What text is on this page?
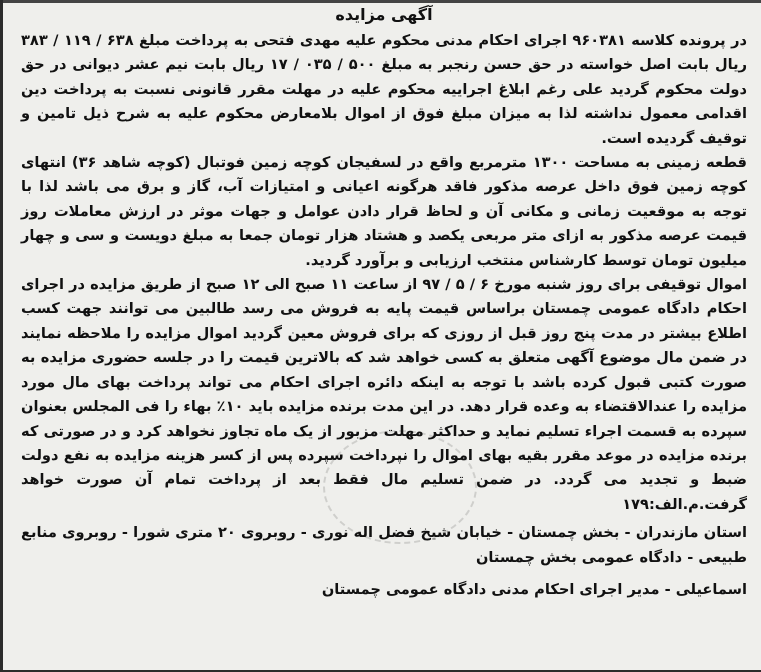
آگهی مزایده

در پرونده کلاسه ۹۶۰۳۸۱ اجرای احکام مدنی محکوم علیه مهدی فتحی به پرداخت مبلغ ۶۳۸ / ۱۱۹ / ۳۸۳ ریال بابت اصل خواسته در حق حسن رنجبر به مبلغ ۵۰۰ / ۰۳۵ / ۱۷ ریال بابت نیم عشر دیوانی در حق دولت محکوم گردید علی رغم ابلاغ اجراییه محکوم علیه در مهلت مقرر قانونی نسبت به پرداخت دین اقدامی معمول نداشته لذا به میزان مبلغ فوق از اموال بلامعارض محکوم علیه به شرح ذیل تامین و توقیف گردیده است.

قطعه زمینی به مساحت ۱۳۰۰ مترمربع واقع در لسفیجان کوچه زمین فوتبال (کوچه شاهد ۳۶) انتهای کوچه زمین فوق داخل عرصه مذکور فاقد هرگونه اعیانی و امتیازات آب، گاز و برق می باشد لذا با توجه به موقعیت زمانی و مکانی آن و لحاظ قرار دادن عوامل و جهات موثر در ارزش معاملات روز قیمت عرصه مذکور به ازای متر مربعی یکصد و هشتاد هزار تومان جمعا به مبلغ دویست و سی و چهار میلیون تومان توسط کارشناس منتخب ارزیابی و برآورد گردید.

اموال توقیفی برای روز شنبه مورخ ۶ / ۵ / ۹۷ از ساعت ۱۱ صبح الی ۱۲ صبح از طریق مزایده در اجرای احکام دادگاه عمومی چمستان براساس قیمت پایه به فروش می رسد طالبین می توانند جهت کسب اطلاع بیشتر در مدت پنج روز قبل از روزی که برای فروش معین گردید اموال مزایده را ملاحظه نمایند در ضمن مال موضوع آگهی متعلق به کسی خواهد شد که بالاترین قیمت را در جلسه حضوری مزایده به صورت کتبی قبول کرده باشد با توجه به اینکه دائره اجرای احکام می تواند پرداخت بهای مال مورد مزایده را عندالاقتضاء به وعده قرار دهد. در این مدت برنده مزایده باید ۱۰٪ بهاء را فی المجلس بعنوان سپرده به قسمت اجراء تسلیم نماید و حداکثر مهلت مزبور از یک ماه تجاوز نخواهد کرد و در صورتی که برنده مزایده در موعد مقرر بقیه بهای اموال را نپرداخت سپرده پس از کسر هزینه مزایده به نفع دولت ضبط و تجدید می گردد. در ضمن تسلیم مال فقط بعد از پرداخت تمام آن صورت خواهد گرفت.م.الف:۱۷۹

استان مازندران - بخش چمستان - خیابان شیخ فضل اله نوری - روبروی ۲۰ متری شورا - روبروی منابع طبیعی - دادگاه عمومی بخش چمستان

اسماعیلی - مدیر اجرای احکام مدنی دادگاه عمومی چمستان
